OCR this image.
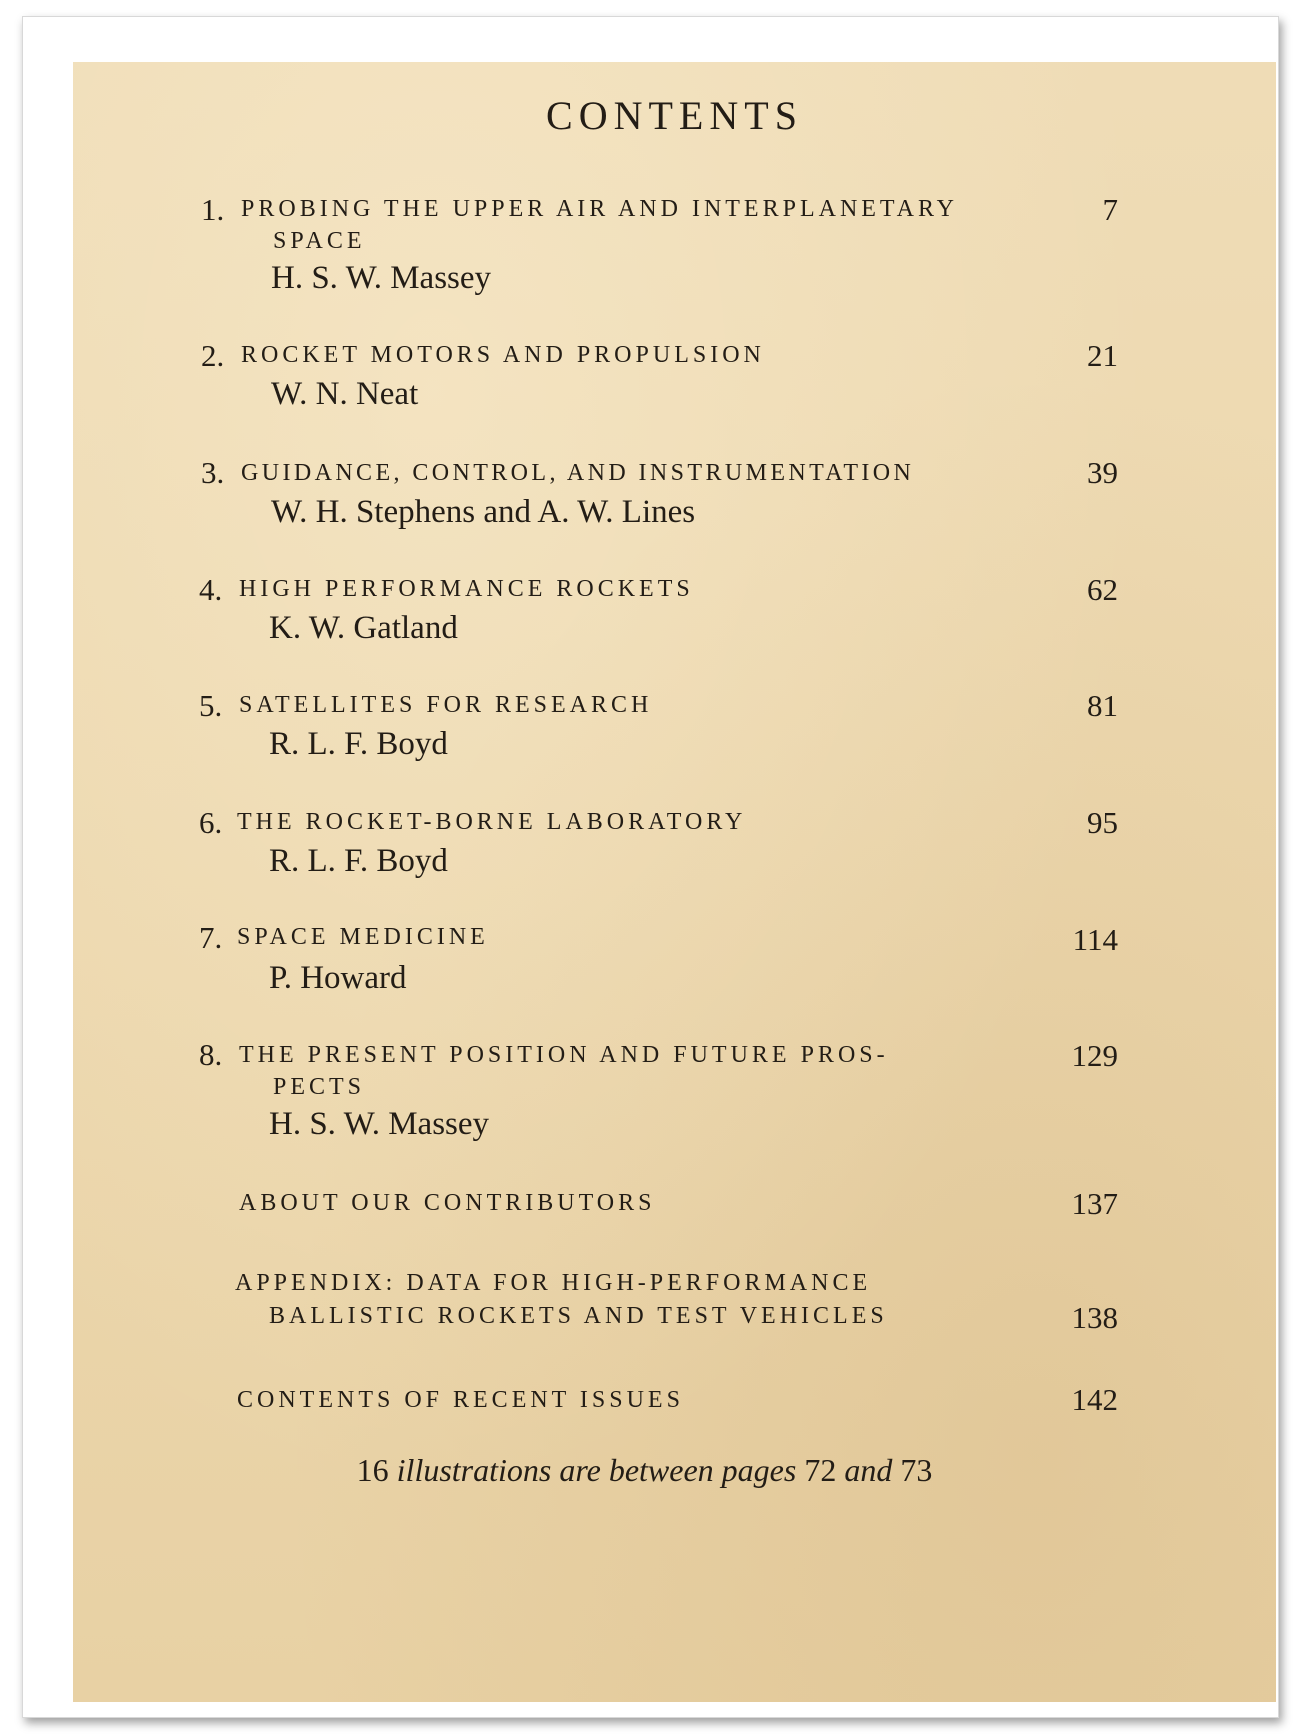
CONTENTS
1. PROBING THE UPPER AIR AND INTERPLANETARY
SPACE
H. S. W. Massey
7
2. ROCKET MOTORS AND PROPULSION
W. N. Neat
21
3. GUIDANCE, CONTROL, AND INSTRUMENTATION
W. H. Stephens and A. W. Lines
39
4. HIGH PERFORMANCE ROCKETS
K. W. Gatland
62
5. SATELLITES FOR RESEARCH
R. L. F. Boyd
81
6. THE ROCKET-BORNE LABORATORY
R. L. F. Boyd
95
7. SPACE MEDICINE
P. Howard
114
8. THE PRESENT POSITION AND FUTURE PROS-
PECTS
H. S. W. Massey
129
ABOUT OUR CONTRIBUTORS	137
APPENDIX: DATA FOR HIGH-PERFORMANCE
BALLISTIC ROCKETS AND TEST VEHICLES	138
CONTENTS OF RECENT ISSUES	142
16 illustrations are between pages 72 and 73
